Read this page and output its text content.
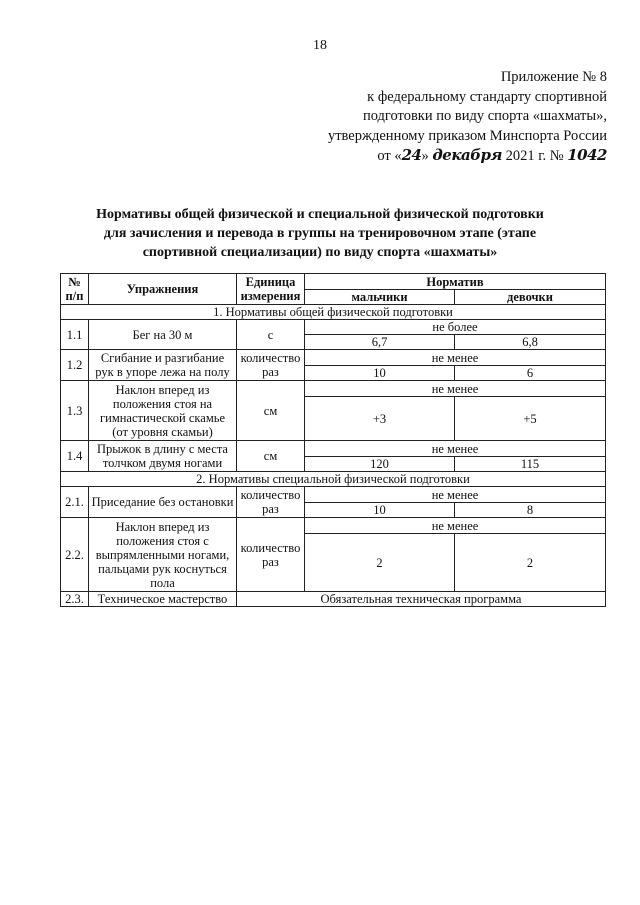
18
Приложение № 8
к федеральному стандарту спортивной
подготовки по виду спорта «шахматы»,
утвержденному приказом Минспорта России
от «24» декабря 2021 г. № 1042
Нормативы общей физической и специальной физической подготовки
для зачисления и перевода в группы на тренировочном этапе (этапе
спортивной специализации) по виду спорта «шахматы»
№ п/п	Упражнения	Единица измерения	Норматив	
			мальчики	девочки
1. Нормативы общей физической подготовки				
1.1	Бег на 30 м	с	не более	
			6,7	6,8
1.2	Сгибание и разгибание рук в упоре лежа на полу	количество раз	не менее	
			10	6
1.3	Наклон вперед из положения стоя на гимнастической скамье (от уровня скамьи)	см	не менее	
			+3	+5
1.4	Прыжок в длину с места толчком двумя ногами	см	не менее	
			120	115
2. Нормативы специальной физической подготовки				
2.1.	Приседание без остановки	количество раз	не менее	
			10	8
2.2.	Наклон вперед из положения стоя с выпрямленными ногами, пальцами рук коснуться пола	количество раз	не менее	
			2	2
2.3.	Техническое мастерство	Обязательная техническая программа		
